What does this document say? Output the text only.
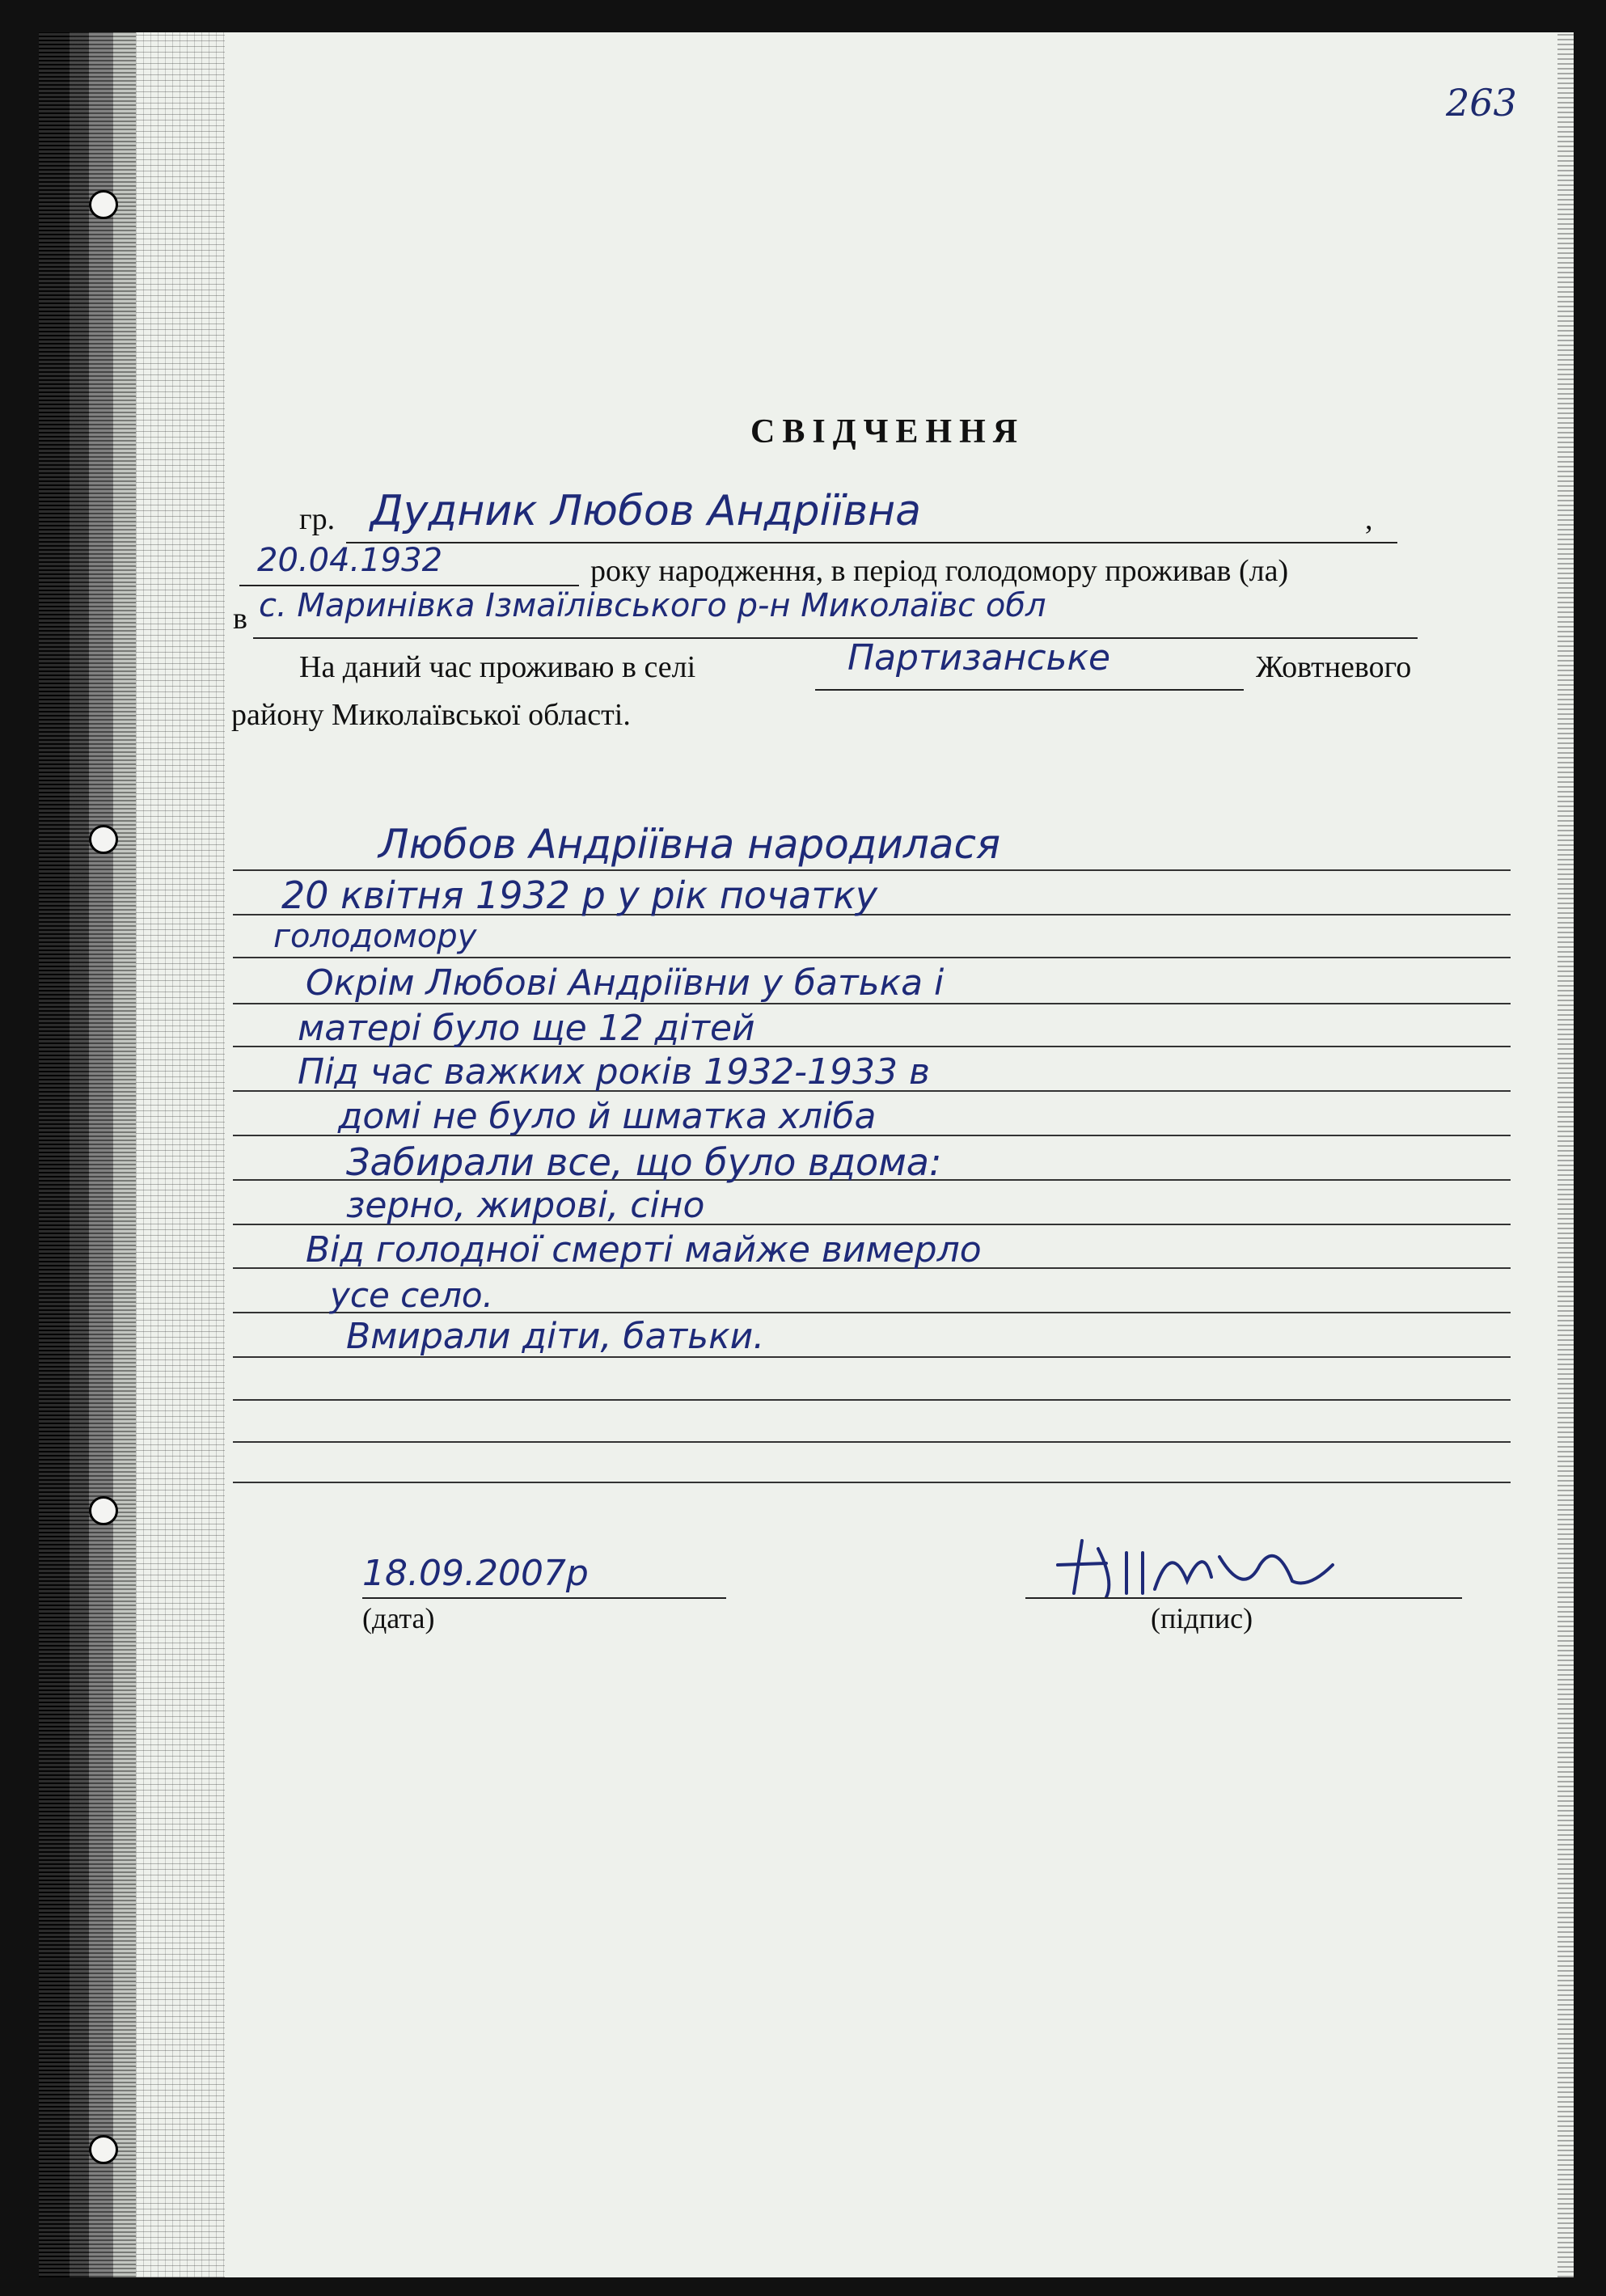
263
СВІДЧЕННЯ
гр. Дудник Любов Андріївна	,
20.04.1932	року народження, в період голодомору проживав (ла)
в с. Маринівка Ізмаїлівського р-н Миколаївс обл
На даний час проживаю в селі	Партизанське	Жовтневого
району Миколаївської області.
Любов Андріївна народилася
20 квітня 1932 р у рік початку
голодомору
Окрім Любові Андріївни у батька і
матері було ще 12 дітей
Під час важких років 1932-1933 в
домі не було й шматка хліба
Забирали все, що було вдома:
зерно, жирові, сіно
Від голодної смерті майже вимерло
усе село.
Вмирали діти, батьки.
18.09.2007р
(дата)	(підпис)
